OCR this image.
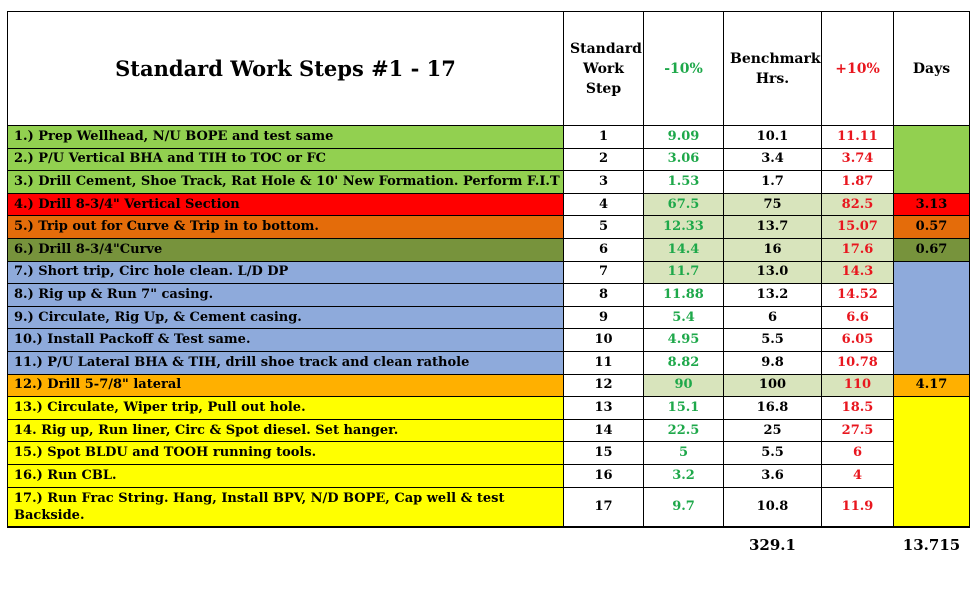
Standard Work Steps #1 - 17	Standard Work Step	-10%	Benchmark Hrs.	+10%	Days
1.) Prep Wellhead, N/U BOPE and test same	1	9.09	10.1	11.11	
2.) P/U Vertical BHA and TIH to TOC or FC	2	3.06	3.4	3.74	
3.) Drill Cement, Shoe Track, Rat Hole & 10' New Formation. Perform F.I.T	3	1.53	1.7	1.87	
4.) Drill 8-3/4" Vertical Section	4	67.5	75	82.5	3.13
5.) Trip out for Curve & Trip in to bottom.	5	12.33	13.7	15.07	0.57
6.) Drill 8-3/4"Curve	6	14.4	16	17.6	0.67
7.) Short trip, Circ hole clean. L/D DP	7	11.7	13.0	14.3	
8.) Rig up & Run 7" casing.	8	11.88	13.2	14.52	
9.) Circulate, Rig Up, & Cement casing.	9	5.4	6	6.6	
10.) Install Packoff & Test same.	10	4.95	5.5	6.05	
11.) P/U Lateral BHA & TIH, drill shoe track and clean rathole	11	8.82	9.8	10.78	
12.) Drill 5-7/8" lateral	12	90	100	110	4.17
13.) Circulate, Wiper trip, Pull out hole.	13	15.1	16.8	18.5	
14. Rig up, Run liner, Circ & Spot diesel. Set hanger.	14	22.5	25	27.5	
15.) Spot BLDU and TOOH running tools.	15	5	5.5	6	
16.) Run CBL.	16	3.2	3.6	4	
17.) Run Frac String. Hang, Install BPV, N/D BOPE, Cap well & test Backside.	17	9.7	10.8	11.9	
			329.1		13.715
